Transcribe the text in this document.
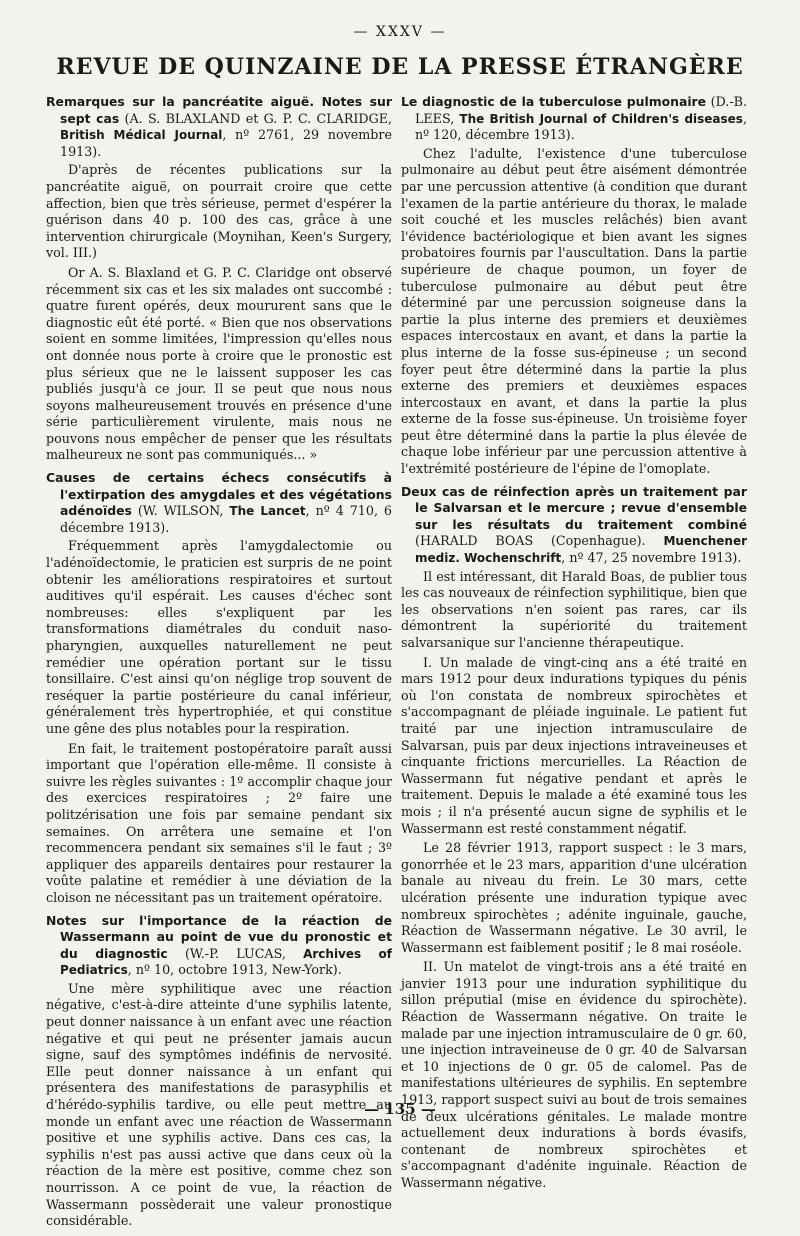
— XXXV —
REVUE DE QUINZAINE DE LA PRESSE ÉTRANGÈRE
Remarques sur la pancréatite aiguë. Notes sur sept cas (A. S. BLAXLAND et G. P. C. CLARIDGE, British Médical Journal, nº 2761, 29 novembre 1913).

D'après de récentes publications sur la pancréatite aiguë, on pourrait croire que cette affection, bien que très sérieuse, permet d'espérer la guérison dans 40 p. 100 des cas, grâce à une intervention chirurgicale (Moynihan, Keen's Surgery, vol. III.)

Or A. S. Blaxland et G. P. C. Claridge ont observé récemment six cas et les six malades ont succombé : quatre furent opérés, deux moururent sans que le diagnostic eût été porté. « Bien que nos observations soient en somme limitées, l'impression qu'elles nous ont donnée nous porte à croire que le pronostic est plus sérieux que ne le laissent supposer les cas publiés jusqu'à ce jour. Il se peut que nous nous soyons malheureusement trouvés en présence d'une série particulièrement virulente, mais nous ne pouvons nous empêcher de penser que les résultats malheureux ne sont pas communiqués... »

Causes de certains échecs consécutifs à l'extirpation des amygdales et des végétations adénoïdes (W. WILSON, The Lancet, nº 4 710, 6 décembre 1913).

Fréquemment après l'amygdalectomie ou l'adénoïdectomie, le praticien est surpris de ne point obtenir les améliorations respiratoires et surtout auditives qu'il espérait. Les causes d'échec sont nombreuses: elles s'expliquent par les transformations diamétrales du conduit naso-pharyngien, auxquelles naturellement ne peut remédier une opération portant sur le tissu tonsillaire. C'est ainsi qu'on néglige trop souvent de reséquer la partie postérieure du canal inférieur, généralement très hypertrophiée, et qui constitue une gêne des plus notables pour la respiration.

En fait, le traitement postopératoire paraît aussi important que l'opération elle-même. Il consiste à suivre les règles suivantes : 1º accomplir chaque jour des exercices respiratoires ; 2º faire une politzérisation une fois par semaine pendant six semaines. On arrêtera une semaine et l'on recommencera pendant six semaines s'il le faut ; 3º appliquer des appareils dentaires pour restaurer la voûte palatine et remédier à une déviation de la cloison ne nécessitant pas un traitement opératoire.

Notes sur l'importance de la réaction de Wassermann au point de vue du pronostic et du diagnostic (W.-P. LUCAS, Archives of Pediatrics, nº 10, octobre 1913, New-York).

Une mère syphilitique avec une réaction négative, c'est-à-dire atteinte d'une syphilis latente, peut donner naissance à un enfant avec une réaction négative et qui peut ne présenter jamais aucun signe, sauf des symptômes indéfinis de nervosité. Elle peut donner naissance à un enfant qui présentera des manifestations de parasyphilis et d'hérédo-syphilis tardive, ou elle peut mettre au monde un enfant avec une réaction de Wassermann positive et une syphilis active. Dans ces cas, la syphilis n'est pas aussi active que dans ceux où la réaction de la mère est positive, comme chez son nourrisson. A ce point de vue, la réaction de Wassermann possèderait une valeur pronostique considérable.

Le diagnostic de la tuberculose pulmonaire (D.-B. LEES, The British Journal of Children's diseases, nº 120, décembre 1913).

Chez l'adulte, l'existence d'une tuberculose pulmonaire au début peut être aisément démontrée par une percussion attentive (à condition que durant l'examen de la partie antérieure du thorax, le malade soit couché et les muscles relâchés) bien avant l'évidence bactériologique et bien avant les signes probatoires fournis par l'auscultation. Dans la partie supérieure de chaque poumon, un foyer de tuberculose pulmonaire au début peut être déterminé par une percussion soigneuse dans la partie la plus interne des premiers et deuxièmes espaces intercostaux en avant, et dans la partie la plus interne de la fosse sus-épineuse ; un second foyer peut être déterminé dans la partie la plus externe des premiers et deuxièmes espaces intercostaux en avant, et dans la partie la plus externe de la fosse sus-épineuse. Un troisième foyer peut être déterminé dans la partie la plus élevée de chaque lobe inférieur par une percussion attentive à l'extrémité postérieure de l'épine de l'omoplate.

Deux cas de réinfection après un traitement par le Salvarsan et le mercure ; revue d'ensemble sur les résultats du traitement combiné (HARALD BOAS (Copenhague). Muenchener mediz. Wochenschrift, nº 47, 25 novembre 1913).

Il est intéressant, dit Harald Boas, de publier tous les cas nouveaux de réinfection syphilitique, bien que les observations n'en soient pas rares, car ils démontrent la supériorité du traitement salvarsanique sur l'ancienne thérapeutique.

I. Un malade de vingt-cinq ans a été traité en mars 1912 pour deux indurations typiques du pénis où l'on constata de nombreux spirochètes et s'accompagnant de pléiade inguinale. Le patient fut traité par une injection intramusculaire de Salvarsan, puis par deux injections intraveineuses et cinquante frictions mercurielles. La Réaction de Wassermann fut négative pendant et après le traitement. Depuis le malade a été examiné tous les mois ; il n'a présenté aucun signe de syphilis et le Wassermann est resté constamment négatif.

Le 28 février 1913, rapport suspect : le 3 mars, gonorrhée et le 23 mars, apparition d'une ulcération banale au niveau du frein. Le 30 mars, cette ulcération présente une induration typique avec nombreux spirochètes ; adénite inguinale, gauche, Réaction de Wassermann négative. Le 30 avril, le Wassermann est faiblement positif ; le 8 mai roséole.

II. Un matelot de vingt-trois ans a été traité en janvier 1913 pour une induration syphilitique du sillon préputial (mise en évidence du spirochète). Réaction de Wassermann négative. On traite le malade par une injection intramusculaire de 0 gr. 60, une injection intraveineuse de 0 gr. 40 de Salvarsan et 10 injections de 0 gr. 05 de calomel. Pas de manifestations ultérieures de syphilis. En septembre 1913, rapport suspect suivi au bout de trois semaines de deux ulcérations génitales. Le malade montre actuellement deux indurations à bords évasifs, contenant de nombreux spirochètes et s'accompagnant d'adénite inguinale. Réaction de Wassermann négative.

— 135 —
